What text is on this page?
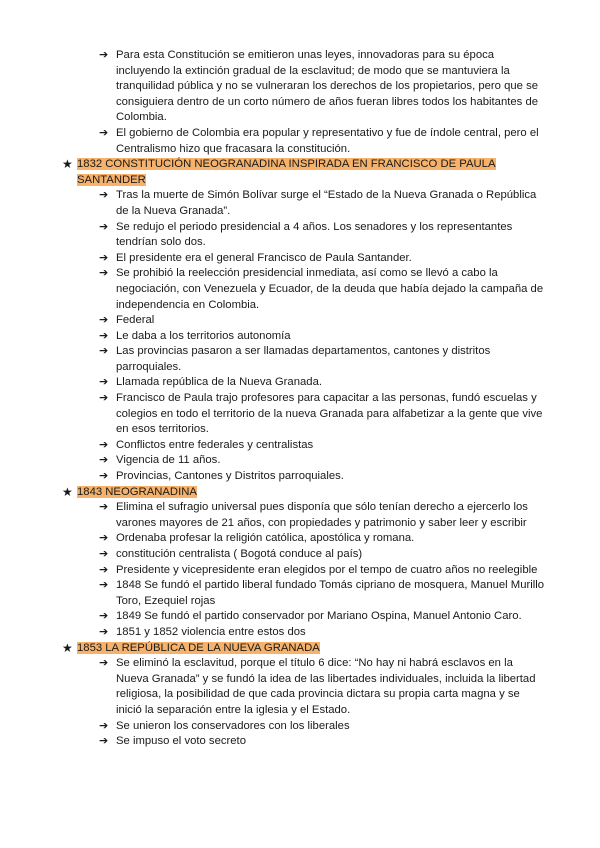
➔ Para esta Constitución se emitieron unas leyes, innovadoras para su época incluyendo la extinción gradual de la esclavitud; de modo que se mantuviera la tranquilidad pública y no se vulneraran los derechos de los propietarios, pero que se consiguiera dentro de un corto número de años fueran libres todos los habitantes de Colombia.
➔ El gobierno de Colombia era popular y representativo y fue de índole central, pero el Centralismo hizo que fracasara la constitución.
★ 1832 CONSTITUCIÓN NEOGRANADINA INSPIRADA EN FRANCISCO DE PAULA
SANTANDER
➔ Tras la muerte de Simón Bolívar surge el “Estado de la Nueva Granada o República de la Nueva Granada”.
➔ Se redujo el periodo presidencial a 4 años. Los senadores y los representantes tendrían solo dos.
➔ El presidente era el general Francisco de Paula Santander.
➔ Se prohibió la reelección presidencial inmediata, así como se llevó a cabo la negociación, con Venezuela y Ecuador, de la deuda que había dejado la campaña de independencia en Colombia.
➔ Federal
➔ Le daba a los territorios autonomía
➔ Las provincias pasaron a ser llamadas departamentos, cantones y distritos parroquiales.
➔ Llamada república de la Nueva Granada.
➔ Francisco de Paula trajo profesores para capacitar a las personas, fundó escuelas y colegios en todo el territorio de la nueva Granada para alfabetizar a la gente que vive en esos territorios.
➔ Conflictos entre federales y centralistas
➔ Vigencia de 11 años.
➔ Provincias, Cantones y Distritos parroquiales.
★ 1843 NEOGRANADINA
➔ Elimina el sufragio universal pues disponía que sólo tenían derecho a ejercerlo los varones mayores de 21 años, con propiedades y patrimonio y saber leer y escribir
➔ Ordenaba profesar la religión católica, apostólica y romana.
➔ constitución centralista ( Bogotá conduce al país)
➔ Presidente y vicepresidente eran elegidos por el tempo de cuatro años no reelegible
➔ 1848 Se fundó el partido liberal fundado Tomás cipriano de mosquera, Manuel Murillo Toro, Ezequiel rojas
➔ 1849 Se fundó el partido conservador por Mariano Ospina, Manuel Antonio Caro.
➔ 1851 y 1852 violencia entre estos dos
★ 1853 LA REPÚBLICA DE LA NUEVA GRANADA
➔ Se eliminó la esclavitud, porque el título 6 dice: “No hay ni habrá esclavos en la Nueva Granada” y se fundó la idea de las libertades individuales, incluida la libertad religiosa, la posibilidad de que cada provincia dictara su propia carta magna y se inició la separación entre la iglesia y el Estado.
➔ Se unieron los conservadores con los liberales
➔ Se impuso el voto secreto
